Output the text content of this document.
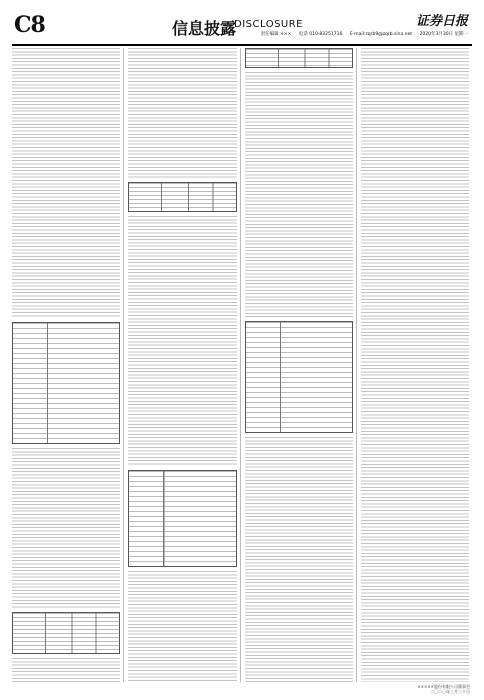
C8	信息披露
DISCLOSURE	证券日报
责任编辑 ××× 电话 010-83251716 E-mail:zqrb9@zqrb.sina.net 2020年3月30日 星期一
×××××股份有限公司董事会
二〇二〇年三月三十日
